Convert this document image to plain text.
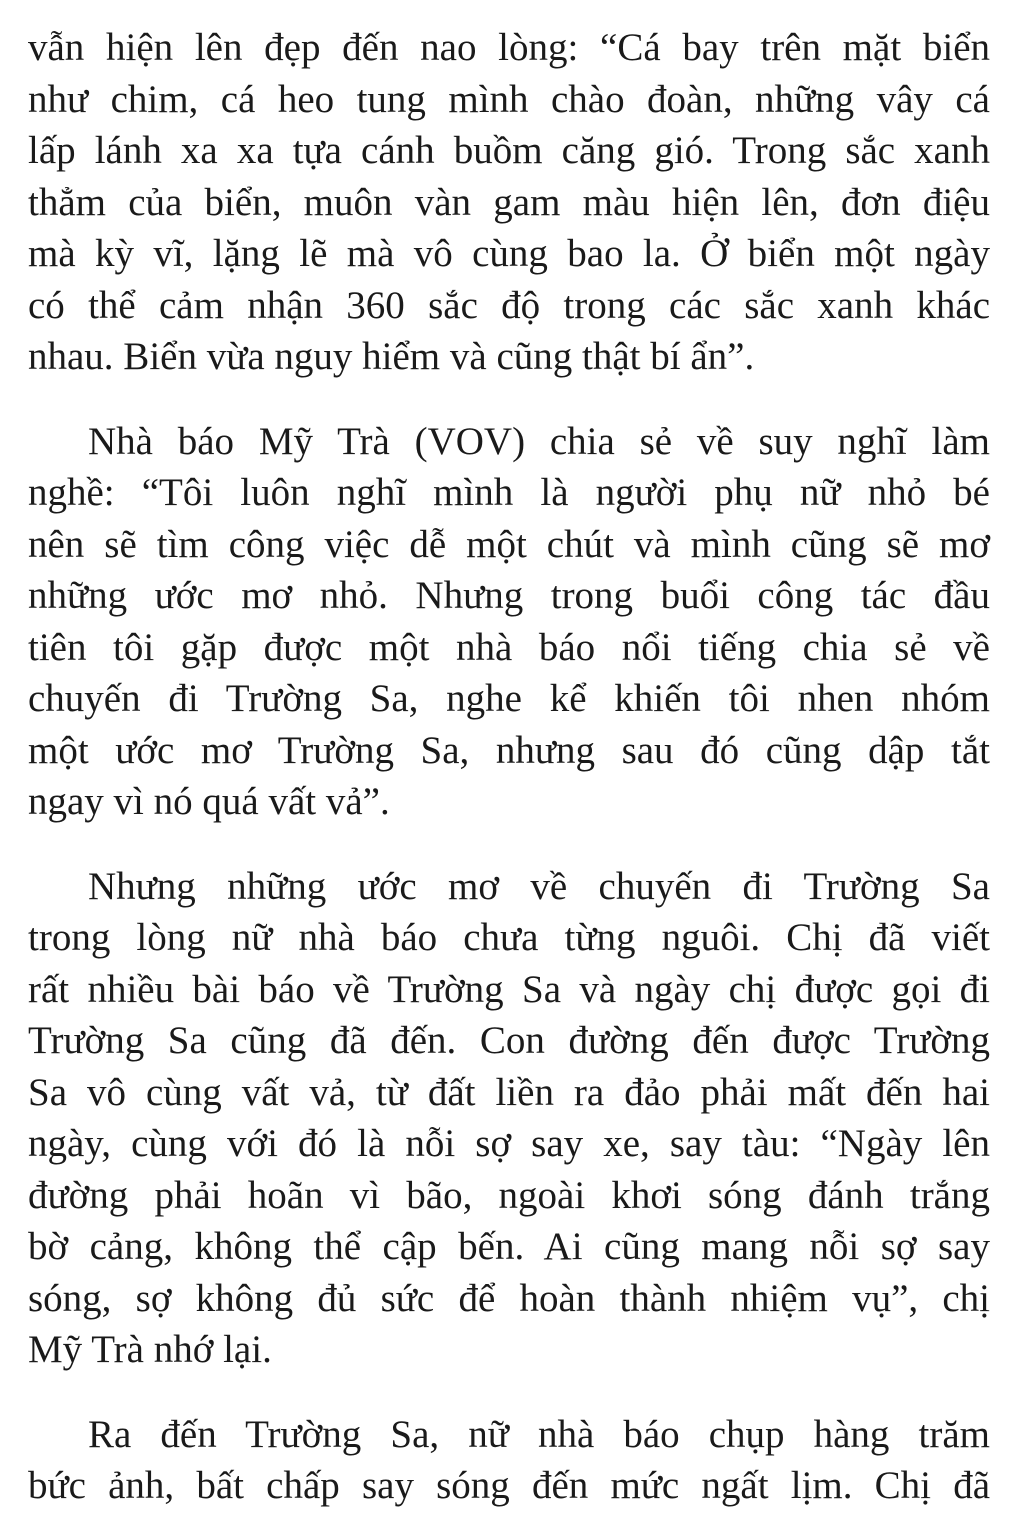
vẫn hiện lên đẹp đến nao lòng: “Cá bay trên mặt biển
như chim, cá heo tung mình chào đoàn, những vây cá
lấp lánh xa xa tựa cánh buồm căng gió. Trong sắc xanh
thẳm của biển, muôn vàn gam màu hiện lên, đơn điệu
mà kỳ vĩ, lặng lẽ mà vô cùng bao la. Ở biển một ngày
có thể cảm nhận 360 sắc độ trong các sắc xanh khác
nhau. Biển vừa nguy hiểm và cũng thật bí ẩn”.
Nhà báo Mỹ Trà (VOV) chia sẻ về suy nghĩ làm
nghề: “Tôi luôn nghĩ mình là người phụ nữ nhỏ bé
nên sẽ tìm công việc dễ một chút và mình cũng sẽ mơ
những ước mơ nhỏ. Nhưng trong buổi công tác đầu
tiên tôi gặp được một nhà báo nổi tiếng chia sẻ về
chuyến đi Trường Sa, nghe kể khiến tôi nhen nhóm
một ước mơ Trường Sa, nhưng sau đó cũng dập tắt
ngay vì nó quá vất vả”.
Nhưng những ước mơ về chuyến đi Trường Sa
trong lòng nữ nhà báo chưa từng nguôi. Chị đã viết
rất nhiều bài báo về Trường Sa và ngày chị được gọi đi
Trường Sa cũng đã đến. Con đường đến được Trường
Sa vô cùng vất vả, từ đất liền ra đảo phải mất đến hai
ngày, cùng với đó là nỗi sợ say xe, say tàu: “Ngày lên
đường phải hoãn vì bão, ngoài khơi sóng đánh trắng
bờ cảng, không thể cập bến. Ai cũng mang nỗi sợ say
sóng, sợ không đủ sức để hoàn thành nhiệm vụ”, chị
Mỹ Trà nhớ lại.
Ra đến Trường Sa, nữ nhà báo chụp hàng trăm
bức ảnh, bất chấp say sóng đến mức ngất lịm. Chị đã
